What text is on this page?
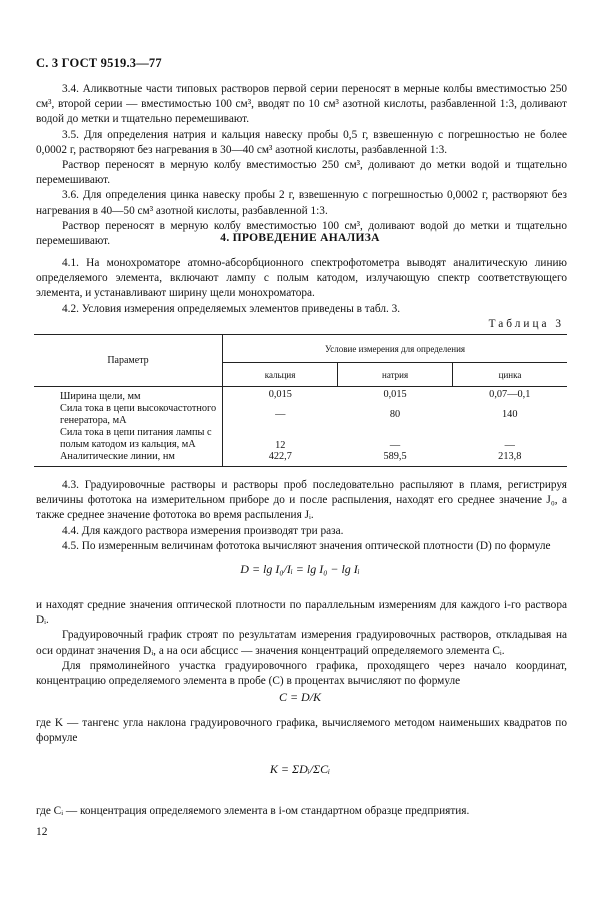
С. 3 ГОСТ 9519.3—77

3.4. Аликвотные части типовых растворов первой серии переносят в мерные колбы вместимостью 250 см³, второй серии — вместимостью 100 см³, вводят по 10 см³ азотной кислоты, разбавленной 1:3, доливают водой до метки и тщательно перемешивают.

3.5. Для определения натрия и кальция навеску пробы 0,5 г, взвешенную с погрешностью не более 0,0002 г, растворяют без нагревания в 30—40 см³ азотной кислоты, разбавленной 1:3.

Раствор переносят в мерную колбу вместимостью 250 см³, доливают до метки водой и тщательно перемешивают.

3.6. Для определения цинка навеску пробы 2 г, взвешенную с погрешностью 0,0002 г, растворяют без нагревания в 40—50 см³ азотной кислоты, разбавленной 1:3.

Раствор переносят в мерную колбу вместимостью 100 см³, доливают водой до метки и тщательно перемешивают.	4. ПРОВЕДЕНИЕ АНАЛИЗА

4.1. На монохроматоре атомно-абсорбционного спектрофотометра выводят аналитическую линию определяемого элемента, включают лампу с полым катодом, излучающую спектр соответствующего элемента, и устанавливают ширину щели монохроматора.

4.2. Условия измерения определяемых элементов приведены в табл. 3.

Таблица 3
Параметр	Условие измерения для определения		
	кальция	натрия	цинка
Ширина щели, мм	0,015	0,015	0,07—0,1
Сила тока в цепи высокочастотного генератора, мА	—	80	140
Сила тока в цепи питания лампы с полым катодом из кальция, мА	12	—	—
Аналитические линии, нм	422,7	589,5	213,8

4.3. Градуировочные растворы и растворы проб последовательно распыляют в пламя, регистрируя величины фототока на измерительном приборе до и после распыления, находят его среднее значение J₀, а также среднее значение фототока во время распыления Jᵢ.

4.4. Для каждого раствора измерения производят три раза.

4.5. По измеренным величинам фототока вычисляют значения оптической плотности (D) по формуле

D = lg I₀/Iᵢ = lg I₀ − lg Iᵢ

и находят средние значения оптической плотности по параллельным измерениям для каждого i-го раствора Dᵢ.

Градуировочный график строят по результатам измерения градуировочных растворов, откладывая на оси ординат значения Dᵢ, а на оси абсцисс — значения концентраций определяемого элемента Cᵢ.

Для прямолинейного участка градуировочного графика, проходящего через начало координат, концентрацию определяемого элемента в пробе (С) в процентах вычисляют по формуле

C = D/K

где K — тангенс угла наклона градуировочного графика, вычисляемого методом наименьших квадратов по формуле

K = ΣDᵢ/ΣCᵢ

где Cᵢ — концентрация определяемого элемента в i-ом стандартном образце предприятия.

12
